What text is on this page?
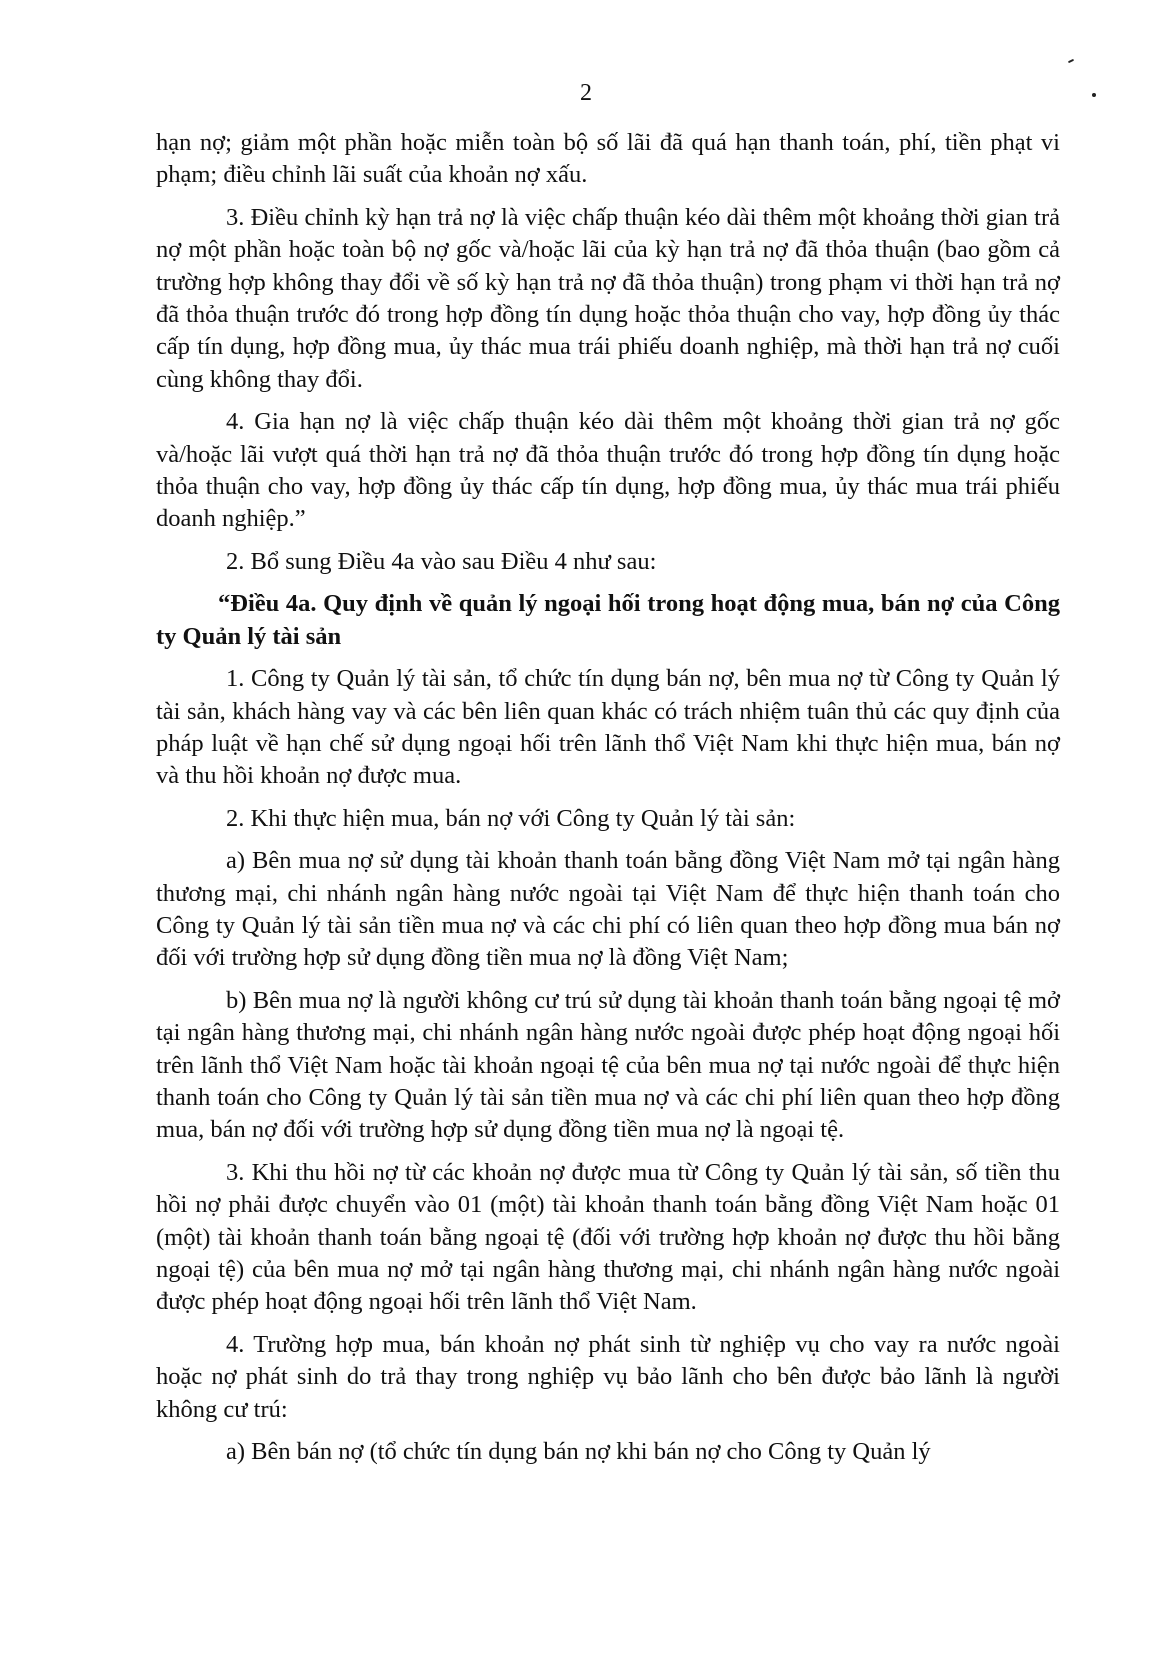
2

hạn nợ; giảm một phần hoặc miễn toàn bộ số lãi đã quá hạn thanh toán, phí, tiền phạt vi phạm; điều chỉnh lãi suất của khoản nợ xấu.

3. Điều chỉnh kỳ hạn trả nợ là việc chấp thuận kéo dài thêm một khoảng thời gian trả nợ một phần hoặc toàn bộ nợ gốc và/hoặc lãi của kỳ hạn trả nợ đã thỏa thuận (bao gồm cả trường hợp không thay đổi về số kỳ hạn trả nợ đã thỏa thuận) trong phạm vi thời hạn trả nợ đã thỏa thuận trước đó trong hợp đồng tín dụng hoặc thỏa thuận cho vay, hợp đồng ủy thác cấp tín dụng, hợp đồng mua, ủy thác mua trái phiếu doanh nghiệp, mà thời hạn trả nợ cuối cùng không thay đổi.

4. Gia hạn nợ là việc chấp thuận kéo dài thêm một khoảng thời gian trả nợ gốc và/hoặc lãi vượt quá thời hạn trả nợ đã thỏa thuận trước đó trong hợp đồng tín dụng hoặc thỏa thuận cho vay, hợp đồng ủy thác cấp tín dụng, hợp đồng mua, ủy thác mua trái phiếu doanh nghiệp.”

2. Bổ sung Điều 4a vào sau Điều 4 như sau:

“Điều 4a. Quy định về quản lý ngoại hối trong hoạt động mua, bán nợ của Công ty Quản lý tài sản

1. Công ty Quản lý tài sản, tổ chức tín dụng bán nợ, bên mua nợ từ Công ty Quản lý tài sản, khách hàng vay và các bên liên quan khác có trách nhiệm tuân thủ các quy định của pháp luật về hạn chế sử dụng ngoại hối trên lãnh thổ Việt Nam khi thực hiện mua, bán nợ và thu hồi khoản nợ được mua.

2. Khi thực hiện mua, bán nợ với Công ty Quản lý tài sản:

a) Bên mua nợ sử dụng tài khoản thanh toán bằng đồng Việt Nam mở tại ngân hàng thương mại, chi nhánh ngân hàng nước ngoài tại Việt Nam để thực hiện thanh toán cho Công ty Quản lý tài sản tiền mua nợ và các chi phí có liên quan theo hợp đồng mua bán nợ đối với trường hợp sử dụng đồng tiền mua nợ là đồng Việt Nam;

b) Bên mua nợ là người không cư trú sử dụng tài khoản thanh toán bằng ngoại tệ mở tại ngân hàng thương mại, chi nhánh ngân hàng nước ngoài được phép hoạt động ngoại hối trên lãnh thổ Việt Nam hoặc tài khoản ngoại tệ của bên mua nợ tại nước ngoài để thực hiện thanh toán cho Công ty Quản lý tài sản tiền mua nợ và các chi phí liên quan theo hợp đồng mua, bán nợ đối với trường hợp sử dụng đồng tiền mua nợ là ngoại tệ.

3. Khi thu hồi nợ từ các khoản nợ được mua từ Công ty Quản lý tài sản, số tiền thu hồi nợ phải được chuyển vào 01 (một) tài khoản thanh toán bằng đồng Việt Nam hoặc 01 (một) tài khoản thanh toán bằng ngoại tệ (đối với trường hợp khoản nợ được thu hồi bằng ngoại tệ) của bên mua nợ mở tại ngân hàng thương mại, chi nhánh ngân hàng nước ngoài được phép hoạt động ngoại hối trên lãnh thổ Việt Nam.

4. Trường hợp mua, bán khoản nợ phát sinh từ nghiệp vụ cho vay ra nước ngoài hoặc nợ phát sinh do trả thay trong nghiệp vụ bảo lãnh cho bên được bảo lãnh là người không cư trú:

a) Bên bán nợ (tổ chức tín dụng bán nợ khi bán nợ cho Công ty Quản lý
